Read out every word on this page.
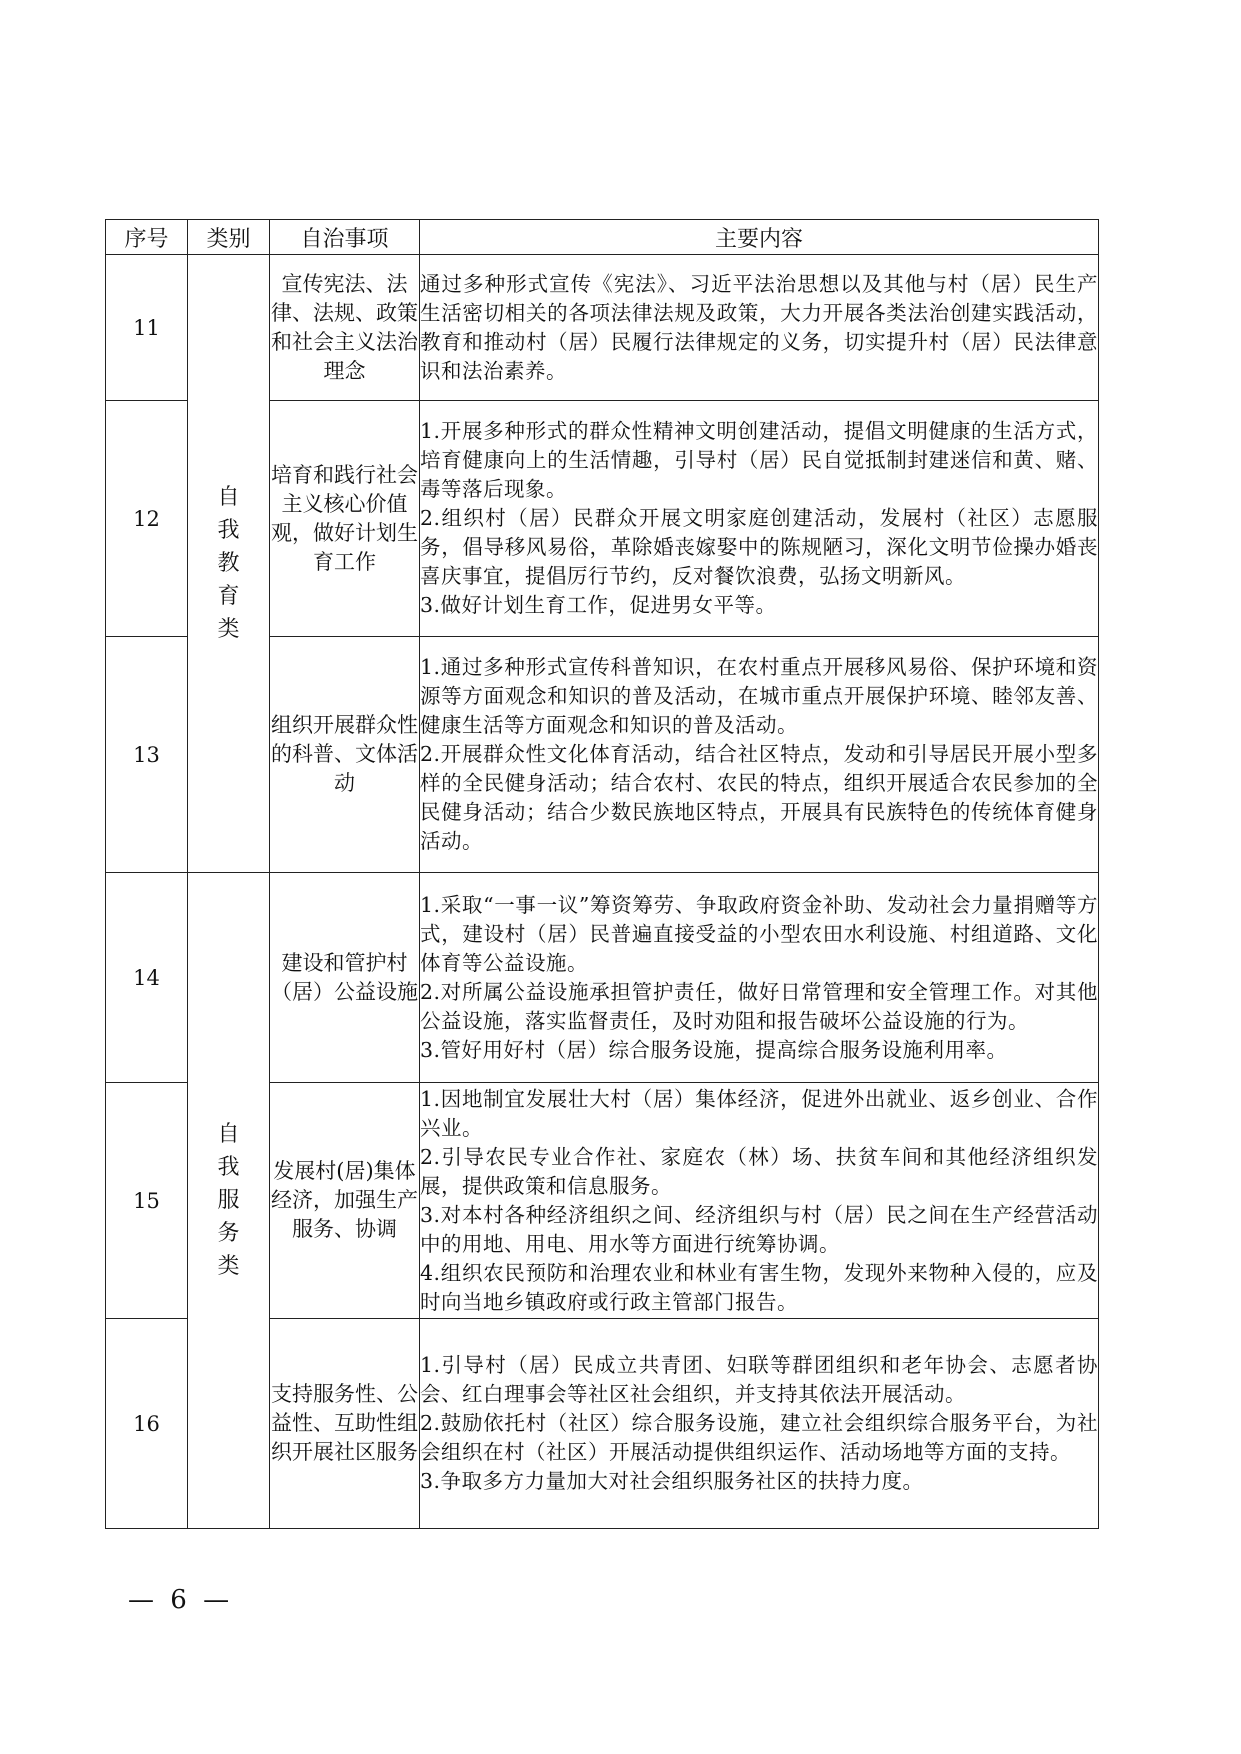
序号	类别	自治事项	主要内容
11	自我教育类	宣传宪法、法律、法规、政策和社会主义法治理念	通过多种形式宣传《宪法》、习近平法治思想以及其他与村（居）民生产生活密切相关的各项法律法规及政策，大力开展各类法治创建实践活动，教育和推动村（居）民履行法律规定的义务，切实提升村（居）民法律意识和法治素养。

12		培育和践行社会主义核心价值观，做好计划生育工作	1.开展多种形式的群众性精神文明创建活动，提倡文明健康的生活方式，培育健康向上的生活情趣，引导村（居）民自觉抵制封建迷信和黄、赌、毒等落后现象。
2.组织村（居）民群众开展文明家庭创建活动，发展村（社区）志愿服务，倡导移风易俗，革除婚丧嫁娶中的陈规陋习，深化文明节俭操办婚丧喜庆事宜，提倡厉行节约，反对餐饮浪费，弘扬文明新风。
3.做好计划生育工作，促进男女平等。

13		组织开展群众性的科普、文体活动	1.通过多种形式宣传科普知识，在农村重点开展移风易俗、保护环境和资源等方面观念和知识的普及活动，在城市重点开展保护环境、睦邻友善、健康生活等方面观念和知识的普及活动。
2.开展群众性文化体育活动，结合社区特点，发动和引导居民开展小型多样的全民健身活动；结合农村、农民的特点，组织开展适合农民参加的全民健身活动；结合少数民族地区特点，开展具有民族特色的传统体育健身活动。

14	自我服务类	建设和管护村（居）公益设施	1.采取“一事一议”筹资筹劳、争取政府资金补助、发动社会力量捐赠等方式，建设村（居）民普遍直接受益的小型农田水利设施、村组道路、文化体育等公益设施。
2.对所属公益设施承担管护责任，做好日常管理和安全管理工作。对其他公益设施，落实监督责任，及时劝阻和报告破坏公益设施的行为。
3.管好用好村（居）综合服务设施，提高综合服务设施利用率。

15		发展村(居)集体经济，加强生产服务、协调	1.因地制宜发展壮大村（居）集体经济，促进外出就业、返乡创业、合作兴业。
2.引导农民专业合作社、家庭农（林）场、扶贫车间和其他经济组织发展，提供政策和信息服务。
3.对本村各种经济组织之间、经济组织与村（居）民之间在生产经营活动中的用地、用电、用水等方面进行统筹协调。
4.组织农民预防和治理农业和林业有害生物，发现外来物种入侵的，应及时向当地乡镇政府或行政主管部门报告。

16		支持服务性、公益性、互助性组织开展社区服务	1.引导村（居）民成立共青团、妇联等群团组织和老年协会、志愿者协会、红白理事会等社区社会组织，并支持其依法开展活动。
2.鼓励依托村（社区）综合服务设施，建立社会组织综合服务平台，为社会组织在村（社区）开展活动提供组织运作、活动场地等方面的支持。
3.争取多方力量加大对社会组织服务社区的扶持力度。
— 6 —
